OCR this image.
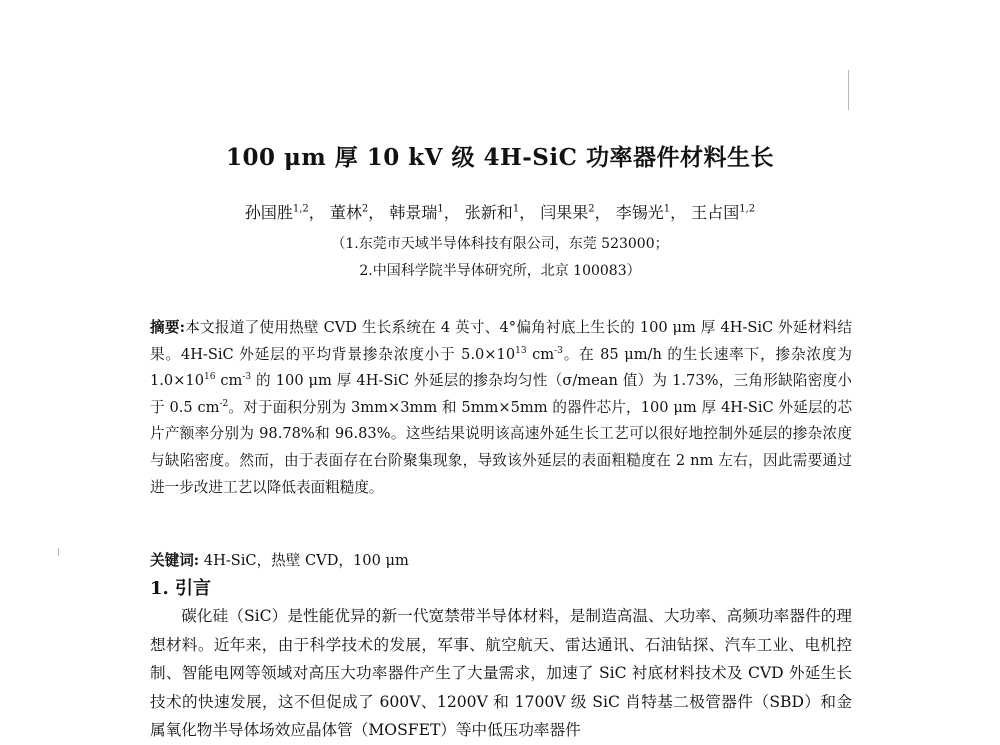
100 μm 厚 10 kV 级 4H-SiC 功率器件材料生长
孙国胜$^{1,2}$， 董林$^2$， 韩景瑞$^1$， 张新和$^1$， 闫果果$^2$， 李锡光$^1$， 王占国$^{1,2}$
（1.东莞市天域半导体科技有限公司，东莞 523000；
2.中国科学院半导体研究所，北京 100083）
摘要:本文报道了使用热壁 CVD 生长系统在 4 英寸、4°偏角衬底上生长的 100 μm 厚 4H-SiC 外延材料结果。4H-SiC 外延层的平均背景掺杂浓度小于 $5.0\times 10^{13}$ $cm^{-3}$。在 85 μm/h 的生长速率下，掺杂浓度为 $1.0\times 10^{16}$ $cm^{-3}$ 的 100 μm 厚 4H-SiC 外延层的掺杂均匀性（σ/mean 值）为 1.73%，三角形缺陷密度小于 0.5 $cm^{-2}$。对于面积分别为 3mm×3mm 和 5mm×5mm 的器件芯片，100 μm 厚 4H-SiC 外延层的芯片产额率分别为 98.78%和 96.83%。这些结果说明该高速外延生长工艺可以很好地控制外延层的掺杂浓度与缺陷密度。然而，由于表面存在台阶聚集现象，导致该外延层的表面粗糙度在 2 nm 左右，因此需要通过进一步改进工艺以降低表面粗糙度。
关键词: 4H-SiC，热壁 CVD，100 μm
1. 引言
碳化硅（SiC）是性能优异的新一代宽禁带半导体材料，是制造高温、大功率、高频功率器件的理想材料。近年来，由于科学技术的发展，军事、航空航天、雷达通讯、石油钻探、汽车工业、电机控制、智能电网等领域对高压大功率器件产生了大量需求，加速了 SiC 衬底材料技术及 CVD 外延生长技术的快速发展，这不但促成了 600V、1200V 和 1700V 级 SiC 肖特基二极管器件（SBD）和金属氧化物半导体场效应晶体管（MOSFET）等中低压功率器件
